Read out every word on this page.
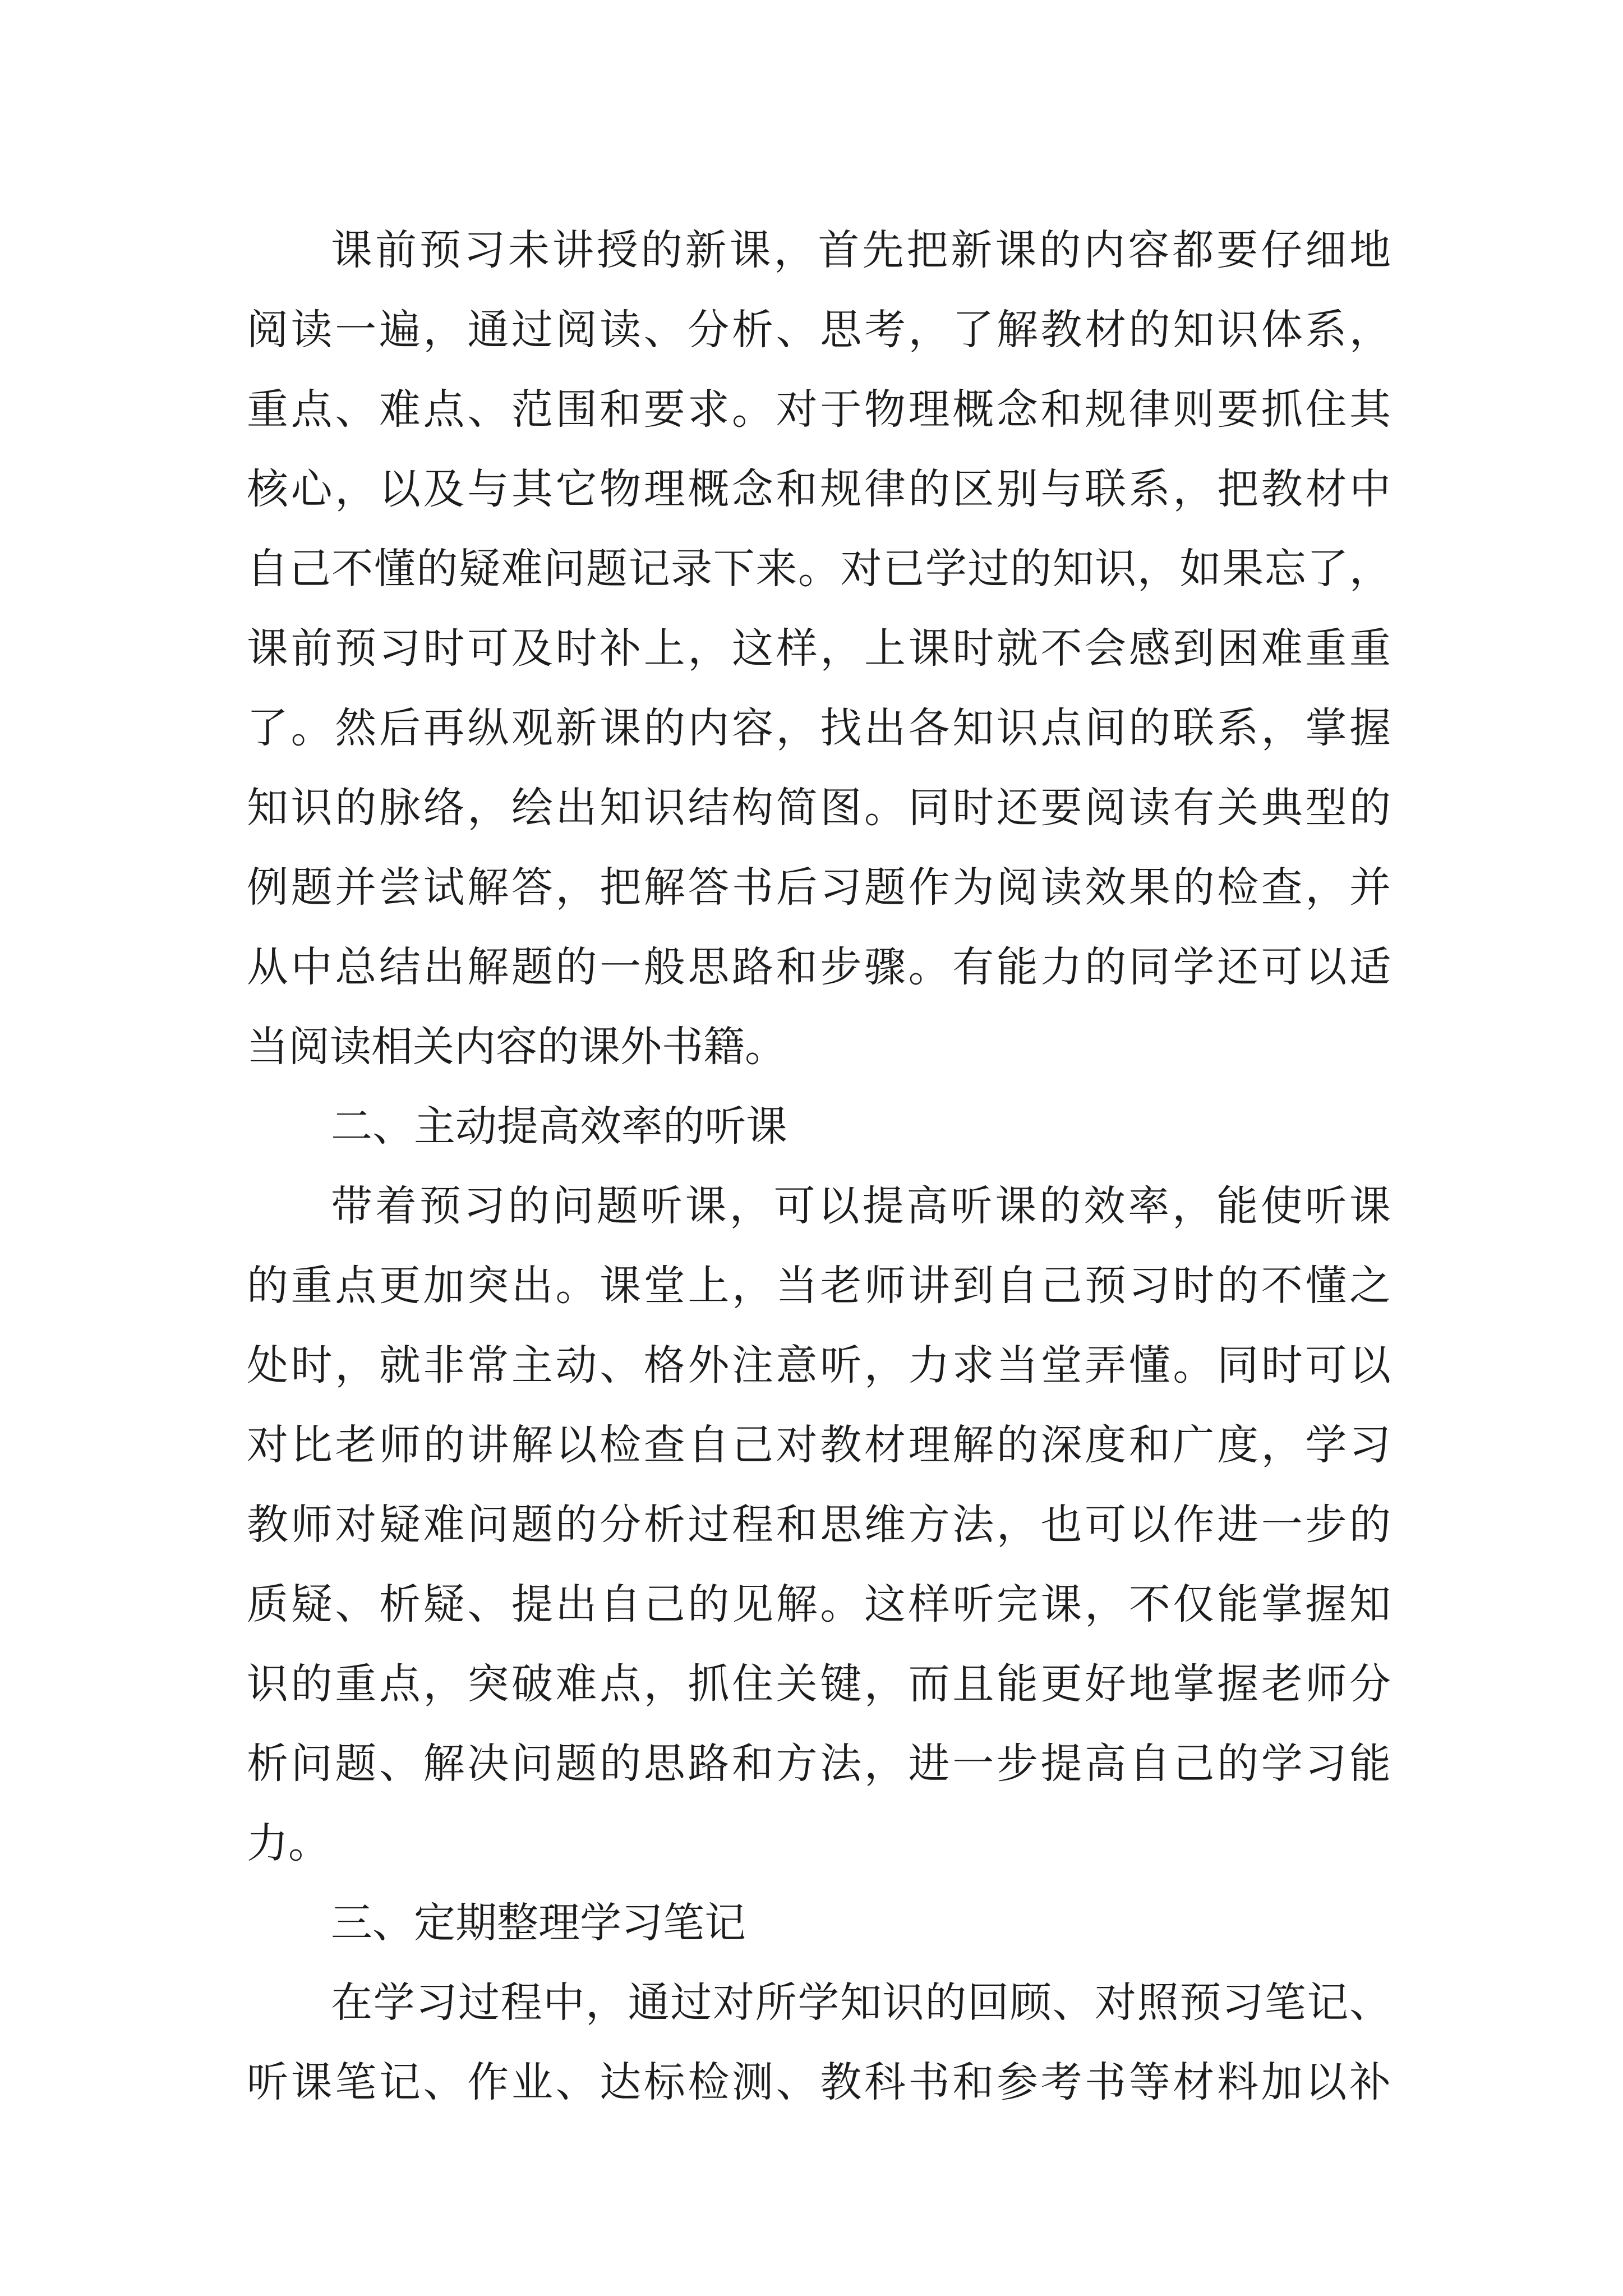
课前预习未讲授的新课，首先把新课的内容都要仔细地
阅读一遍，通过阅读、分析、思考，了解教材的知识体系，
重点、难点、范围和要求。对于物理概念和规律则要抓住其
核心，以及与其它物理概念和规律的区别与联系，把教材中
自己不懂的疑难问题记录下来。对已学过的知识，如果忘了，
课前预习时可及时补上，这样，上课时就不会感到困难重重
了。然后再纵观新课的内容，找出各知识点间的联系，掌握
知识的脉络，绘出知识结构简图。同时还要阅读有关典型的
例题并尝试解答，把解答书后习题作为阅读效果的检查，并
从中总结出解题的一般思路和步骤。有能力的同学还可以适
当阅读相关内容的课外书籍。
二、主动提高效率的听课
带着预习的问题听课，可以提高听课的效率，能使听课
的重点更加突出。课堂上，当老师讲到自己预习时的不懂之
处时，就非常主动、格外注意听，力求当堂弄懂。同时可以
对比老师的讲解以检查自己对教材理解的深度和广度，学习
教师对疑难问题的分析过程和思维方法，也可以作进一步的
质疑、析疑、提出自己的见解。这样听完课，不仅能掌握知
识的重点，突破难点，抓住关键，而且能更好地掌握老师分
析问题、解决问题的思路和方法，进一步提高自己的学习能
力。
三、定期整理学习笔记
在学习过程中，通过对所学知识的回顾、对照预习笔记、
听课笔记、作业、达标检测、教科书和参考书等材料加以补
